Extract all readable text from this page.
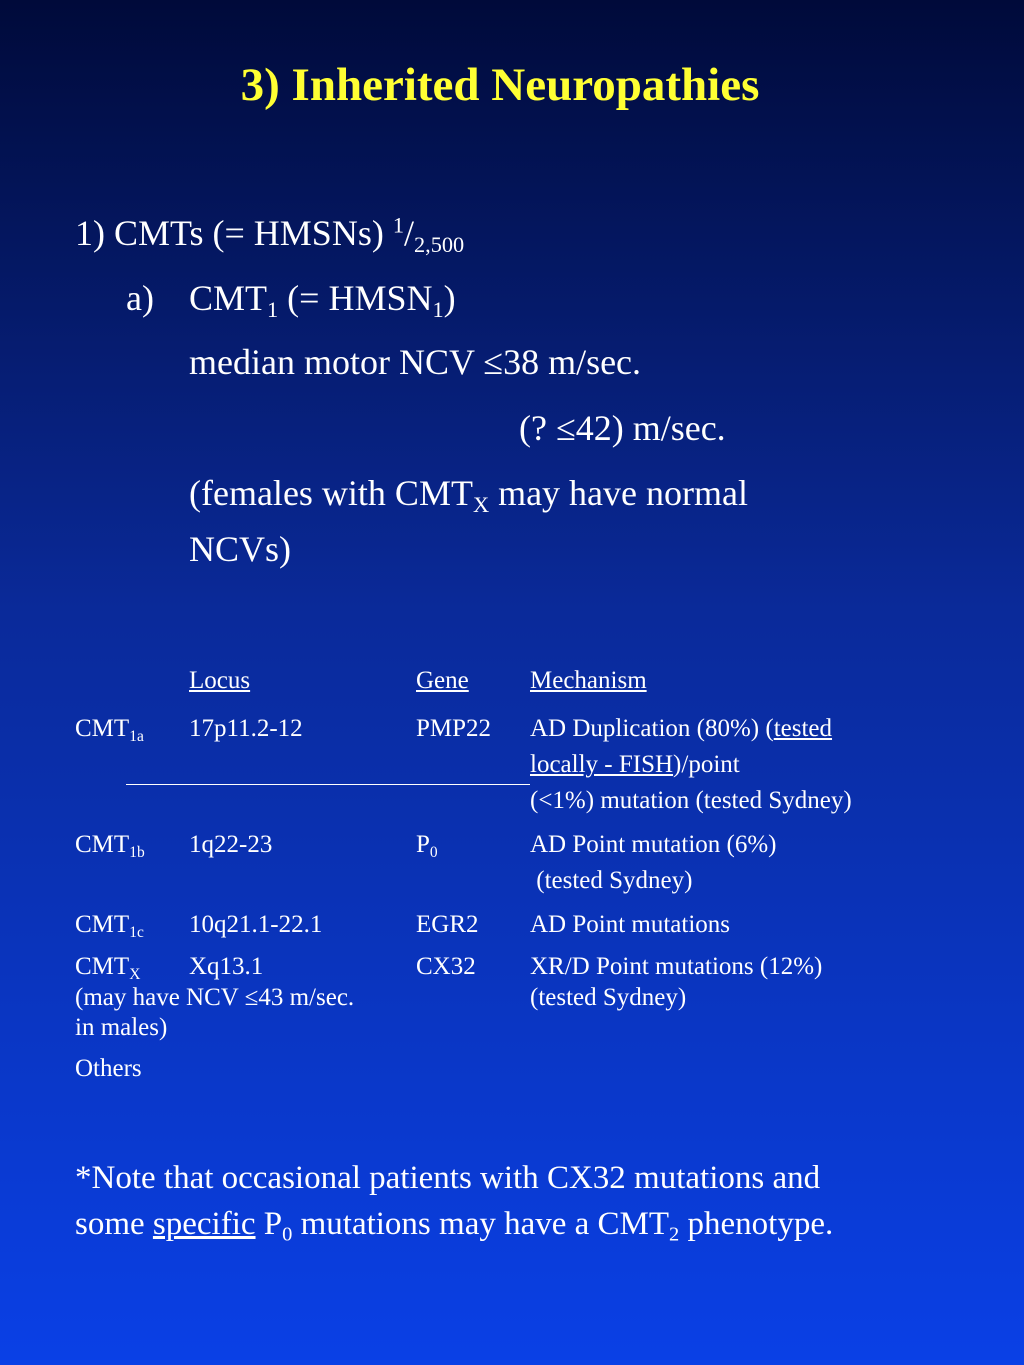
3) Inherited Neuropathies
1) CMTs (= HMSNs) $^1/_{2,500}$
a) $CMT_1$ (= $HMSN_1$)
median motor NCV ≤38 m/sec.
(? ≤42) m/sec.
(females with $CMT_X$ may have normal
NCVs)
Locus	Gene Mechanism
$CMT_{1a}$ 17p11.2-12	PMP22 AD Duplication (80%) (tested
locally - FISH)/point
(<1%) mutation (tested Sydney)
$CMT_{1b}$ 1q22-23	$P_0$	AD Point mutation (6%)
(tested Sydney)
$CMT_{1c}$ 10q21.1-22.1	EGR2 AD Point mutations
$CMT_X$ Xq13.1	CX32 XR/D Point mutations (12%)
(may have NCV ≤43 m/sec.	(tested Sydney)
in males)
Others
*Note that occasional patients with CX32 mutations and
some specific $P_0$ mutations may have a $CMT_2$ phenotype.
